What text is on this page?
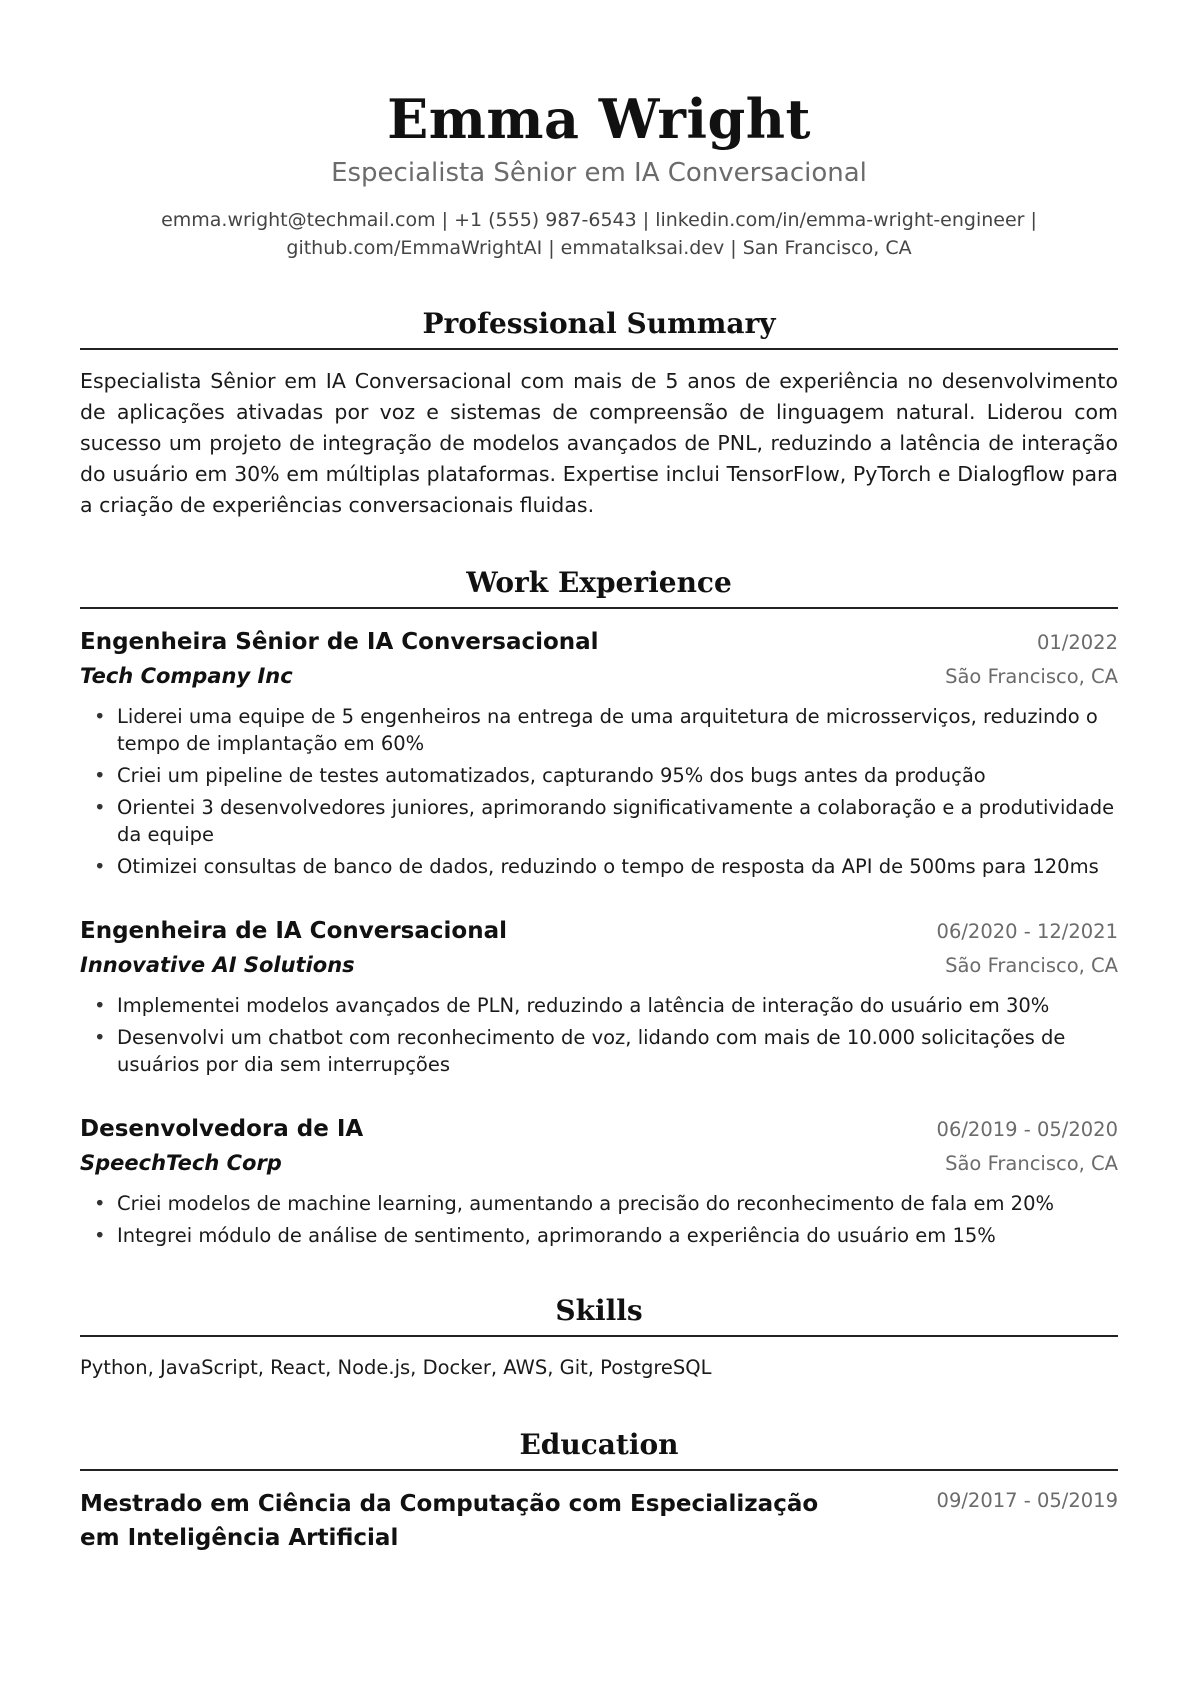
Emma Wright
Especialista Sênior em IA Conversacional
emma.wright@techmail.com | +1 (555) 987-6543 | linkedin.com/in/emma-wright-engineer |
github.com/EmmaWrightAI | emmatalksai.dev | San Francisco, CA
Professional Summary
Especialista Sênior em IA Conversacional com mais de 5 anos de experiência no desenvolvimento de aplicações ativadas por voz e sistemas de compreensão de linguagem natural. Liderou com sucesso um projeto de integração de modelos avançados de PNL, reduzindo a latência de interação do usuário em 30% em múltiplas plataformas. Expertise inclui TensorFlow, PyTorch e Dialogflow para a criação de experiências conversacionais fluidas.
Work Experience
Engenheira Sênior de IA Conversacional	01/2022
Tech Company Inc	São Francisco, CA
• Liderei uma equipe de 5 engenheiros na entrega de uma arquitetura de microsserviços, reduzindo o tempo de implantação em 60%
• Criei um pipeline de testes automatizados, capturando 95% dos bugs antes da produção
• Orientei 3 desenvolvedores juniores, aprimorando significativamente a colaboração e a produtividade da equipe
• Otimizei consultas de banco de dados, reduzindo o tempo de resposta da API de 500ms para 120ms
Engenheira de IA Conversacional	06/2020 - 12/2021
Innovative AI Solutions	São Francisco, CA
• Implementei modelos avançados de PLN, reduzindo a latência de interação do usuário em 30%
• Desenvolvi um chatbot com reconhecimento de voz, lidando com mais de 10.000 solicitações de usuários por dia sem interrupções
Desenvolvedora de IA	06/2019 - 05/2020
SpeechTech Corp	São Francisco, CA
• Criei modelos de machine learning, aumentando a precisão do reconhecimento de fala em 20%
• Integrei módulo de análise de sentimento, aprimorando a experiência do usuário em 15%
Skills
Python, JavaScript, React, Node.js, Docker, AWS, Git, PostgreSQL
Education
Mestrado em Ciência da Computação com Especialização em Inteligência Artificial
09/2017 - 05/2019
